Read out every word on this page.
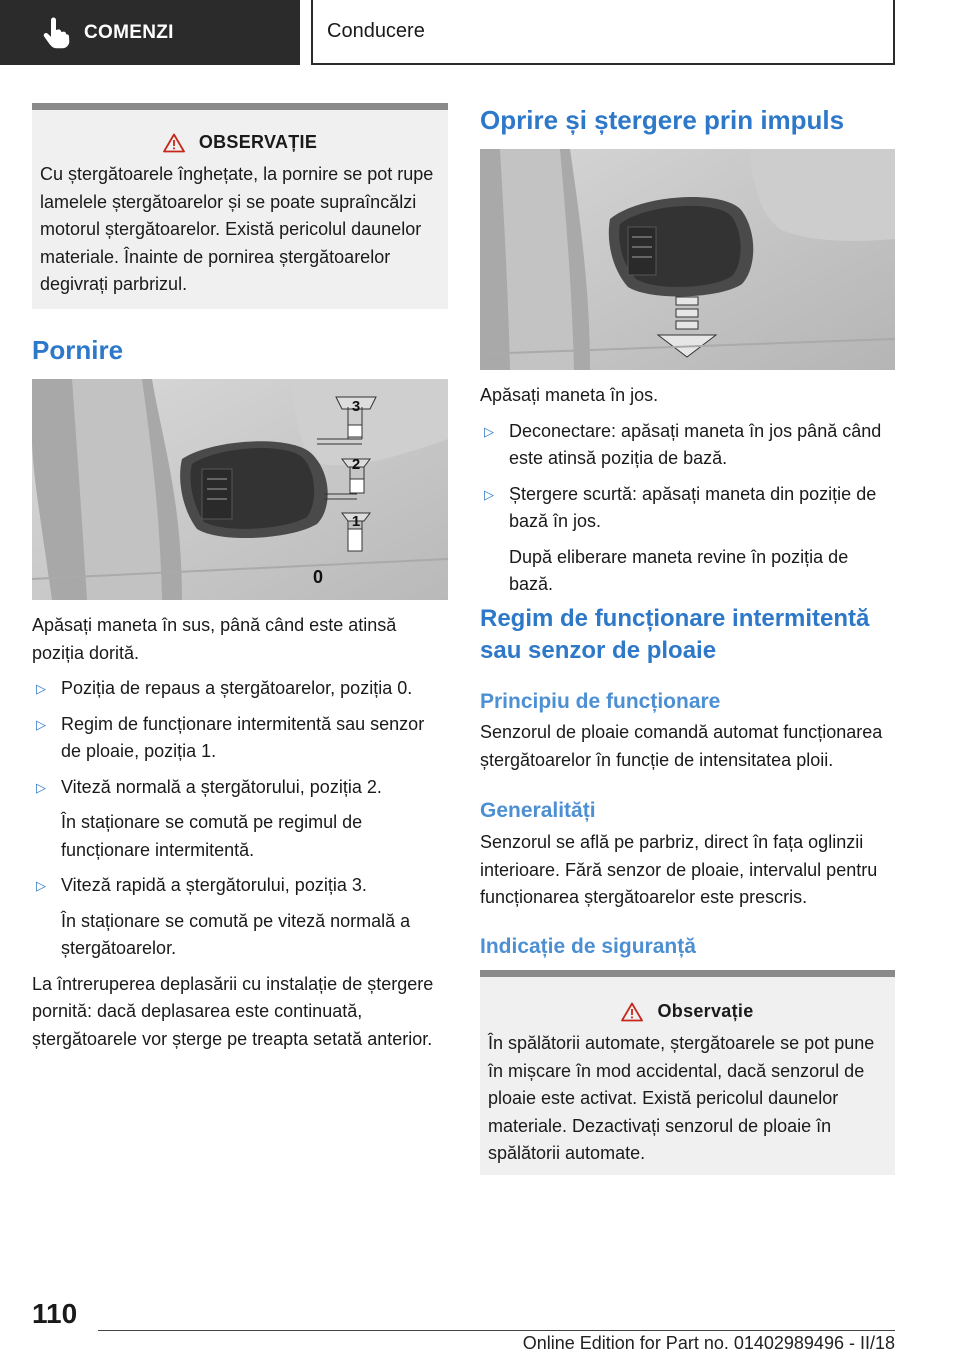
COMENZI	Conducere
OBSERVAȚIE

Cu ștergătoarele înghețate, la pornire se pot rupe lamelele ștergătoarelor și se poate supraîncălzi motorul ștergătoarelor. Există pericolul daunelor materiale. Înainte de pornirea ștergătoarelor degivrați parbrizul.

Pornire
3
2
1
0

Apăsați maneta în sus, până când este atinsă poziția dorită.

▷ Poziția de repaus a ștergătoarelor, poziția 0.
▷ Regim de funcționare intermitentă sau senzor de ploaie, poziția 1.
▷ Viteză normală a ștergătorului, poziția 2.
În staționare se comută pe regimul de funcționare intermitentă.
▷ Viteză rapidă a ștergătorului, poziția 3.
În staționare se comută pe viteză normală a ștergătoarelor.

La întreruperea deplasării cu instalație de ștergere pornită: dacă deplasarea este continuată, ștergătoarele vor șterge pe treapta setată anterior.

Oprire și ștergere prin impuls

Apăsați maneta în jos.

▷ Deconectare: apăsați maneta în jos până când este atinsă poziția de bază.
▷ Ștergere scurtă: apăsați maneta din poziție de bază în jos.
După eliberare maneta revine în poziția de bază.
Regim de funcționare intermitentă sau senzor de ploaie
Principiu de funcționare

Senzorul de ploaie comandă automat funcționarea ștergătoarelor în funcție de intensitatea ploii.

Generalități

Senzorul se află pe parbriz, direct în fața oglinzii interioare. Fără senzor de ploaie, intervalul pentru funcționarea ștergătoarelor este prescris.

Indicație de siguranță
Observație

În spălătorii automate, ștergătoarele se pot pune în mișcare în mod accidental, dacă senzorul de ploaie este activat. Există pericolul daunelor materiale. Dezactivați senzorul de ploaie în spălătorii automate.

110
Online Edition for Part no. 01402989496 - II/18
